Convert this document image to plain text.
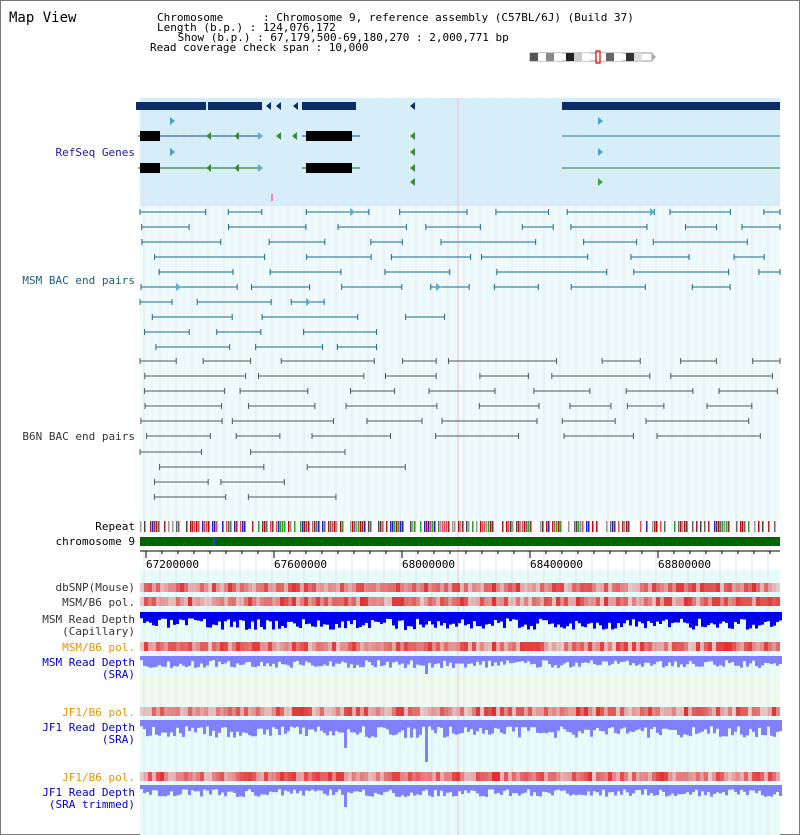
Map View	Chromosome      : Chromosome 9, reference assembly (C57BL/6J) (Build 37)
Length (b.p.) : 124,076,172
Show (b.p.) : 67,179,500-69,180,270 : 2,000,771 bp
Read coverage check span : 10,000
RefSeq Genes
MSM BAC end pairs
B6N BAC end pairs
Repeat
chromosome 9
dbSNP(Mouse)
MSM/B6 pol.
MSM Read Depth
(Capillary)
MSM/B6 pol.
MSM Read Depth
(SRA)
JF1/B6 pol.
JF1 Read Depth
(SRA)
JF1/B6 pol.
JF1 Read Depth
(SRA trimmed)
67200000	67600000	68000000	68400000	68800000
